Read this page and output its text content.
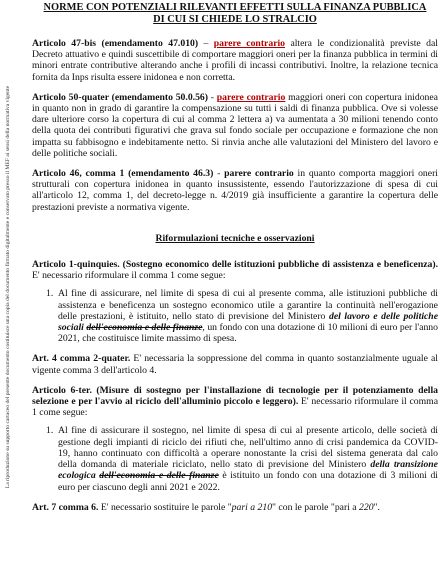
La riproduzione su supporto cartaceo del presente documento costituisce una copia del documento firmato digitalmente e conservato presso il MEF ai sensi della normativa vigente

NORME CON POTENZIALI RILEVANTI EFFETTI SULLA FINANZA PUBBLICA
DI CUI SI CHIEDE LO STRALCIO

Articolo 47-bis (emendamento 47.010) – parere contrario altera le condizionalità previste dal Decreto attuativo e quindi suscettibile di comportare maggiori oneri per la finanza pubblica in termini di minori entrate contributive alterando anche i profili di incassi contributivi. Inoltre, la relazione tecnica fornita da Inps risulta essere inidonea e non corretta.

Articolo 50-quater (emendamento 50.0.56) - parere contrario maggiori oneri con copertura inidonea in quanto non in grado di garantire la compensazione su tutti i saldi di finanza pubblica. Ove si volesse dare ulteriore corso la copertura di cui al comma 2 lettera a) va aumentata a 30 milioni tenendo conto della quota dei contributi figurativi che grava sul fondo sociale per occupazione e formazione che non impatta su fabbisogno e indebitamente netto. Si rinvia anche alle valutazioni del Ministero del lavoro e delle politiche sociali.

Articolo 46, comma 1 (emendamento 46.3) - parere contrario in quanto comporta maggiori oneri strutturali con copertura inidonea in quanto insussistente, essendo l'autorizzazione di spesa di cui all'articolo 12, comma 1, del decreto-legge n. 4/2019 già insufficiente a garantire la copertura delle prestazioni previste a normativa vigente.

Riformulazioni tecniche e osservazioni

Articolo 1-quinquies. (Sostegno economico delle istituzioni pubbliche di assistenza e beneficenza). E' necessario riformulare il comma 1 come segue:

1. Al fine di assicurare, nel limite di spesa di cui al presente comma, alle istituzioni pubbliche di assistenza e beneficenza un sostegno economico utile a garantire la continuità nell'erogazione delle prestazioni, è istituito, nello stato di previsione del Ministero del lavoro e delle politiche sociali dell'economia e delle finanze, un fondo con una dotazione di 10 milioni di euro per l'anno 2021, che costituisce limite massimo di spesa.

Art. 4 comma 2-quater. E' necessaria la soppressione del comma in quanto sostanzialmente uguale al vigente comma 3 dell'articolo 4.

Articolo 6-ter. (Misure di sostegno per l'installazione di tecnologie per il potenziamento della selezione e per l'avvio al riciclo dell'alluminio piccolo e leggero). E' necessario riformulare il comma 1 come segue:

1. Al fine di assicurare il sostegno, nel limite di spesa di cui al presente articolo, delle società di gestione degli impianti di riciclo dei rifiuti che, nell'ultimo anno di crisi pandemica da COVID-19, hanno continuato con difficoltà a operare nonostante la crisi del sistema generata dal calo della domanda di materiale riciclato, nello stato di previsione del Ministero della transizione ecologica dell'economia e delle finanze è istituito un fondo con una dotazione di 3 milioni di euro per ciascuno degli anni 2021 e 2022.

Art. 7 comma 6. E' necessario sostituire le parole "pari a 210" con le parole "pari a 220".
